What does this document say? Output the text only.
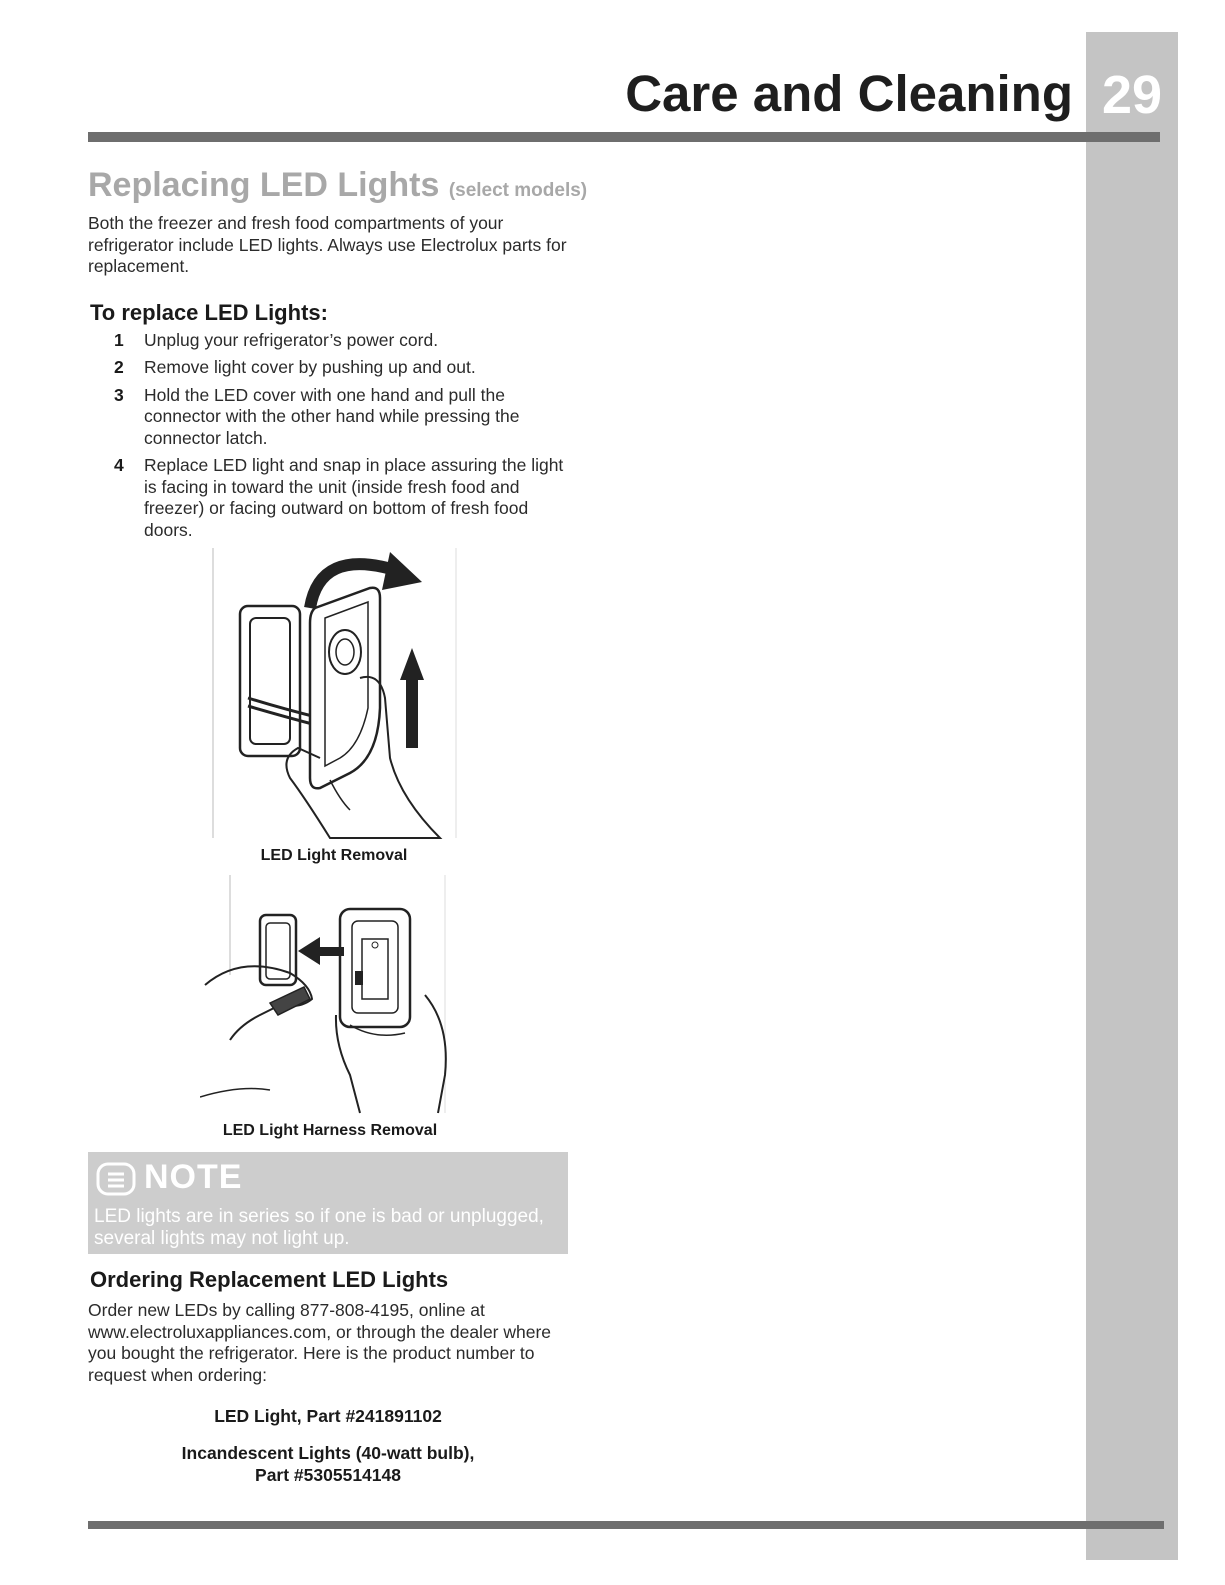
29
Care and Cleaning
Replacing LED Lights (select models)

Both the freezer and fresh food compartments of your refrigerator include LED lights. Always use Electrolux parts for replacement.

To replace LED Lights:
1 Unplug your refrigerator’s power cord.
2 Remove light cover by pushing up and out.
3 Hold the LED cover with one hand and pull the connector with the other hand while pressing the connector latch.
4 Replace LED light and snap in place assuring the light is facing in toward the unit (inside fresh food and freezer) or facing outward on bottom of fresh food doors.
LED Light Removal
LED Light Harness Removal
NOTE
LED lights are in series so if one is bad or unplugged, several lights may not light up.
Ordering Replacement LED Lights

Order new LEDs by calling 877-808-4195, online at www.electroluxappliances.com, or through the dealer where you bought the refrigerator. Here is the product number to request when ordering:

LED Light, Part #241891102

Incandescent Lights (40-watt bulb),

Part #5305514148
